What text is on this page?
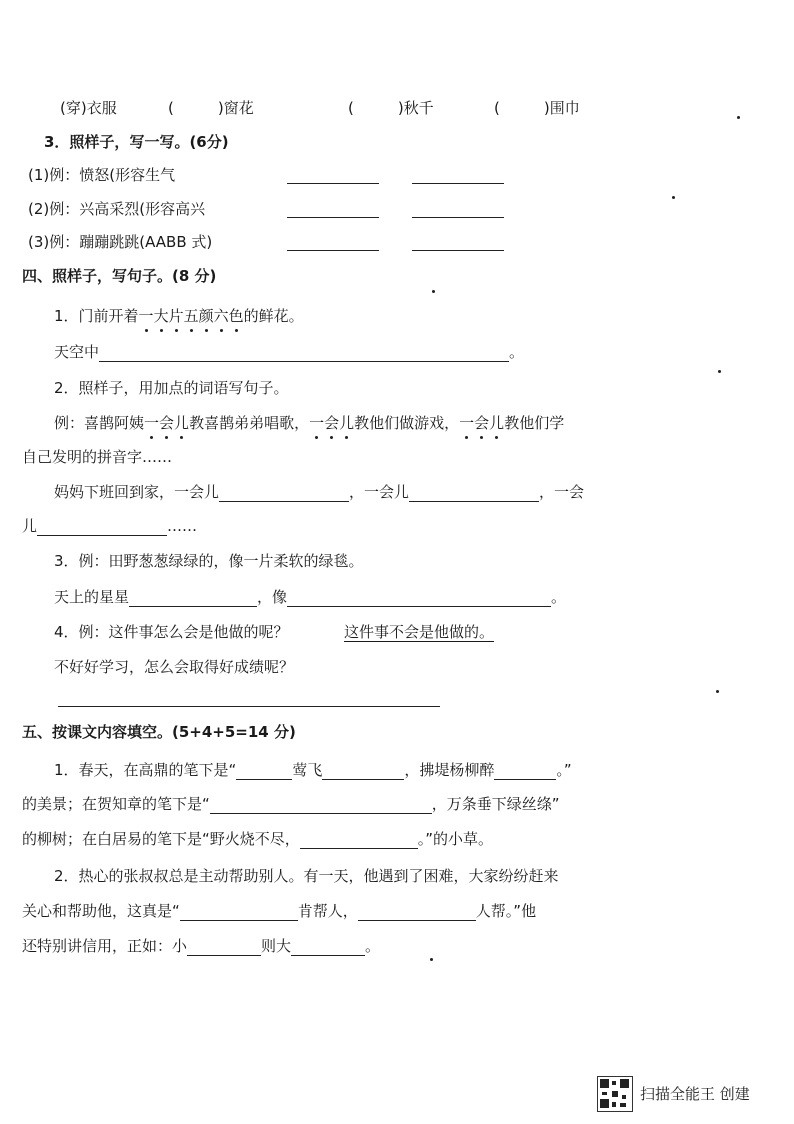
(穿)衣服	(	)窗花	(	)秋千	(	)围巾
3．照样子，写一写。(6分)
(1)例：愤怒(形容生气
(2)例：兴高采烈(形容高兴
(3)例：蹦蹦跳跳(AABB 式)
四、照样子，写句子。(8 分)
1．门前开着一大片五颜六色的鲜花。
天空中	。
2．照样子，用加点的词语写句子。
例：喜鹊阿姨一会儿教喜鹊弟弟唱歌，一会儿教他们做游戏，一会儿教他们学
自己发明的拼音字……
妈妈下班回到家，一会儿	，一会儿	，一会
儿	……
3．例：田野葱葱绿绿的，像一片柔软的绿毯。
天上的星星	，像	。
4．例：这件事怎么会是他做的呢？	这件事不会是他做的。
不好好学习，怎么会取得好成绩呢？
五、按课文内容填空。(5+4+5=14 分)
1．春天，在高鼎的笔下是“	莺飞	，拂堤杨柳醉	。”
的美景；在贺知章的笔下是“	，万条垂下绿丝绦”
的柳树；在白居易的笔下是“野火烧不尽，	。”的小草。
2．热心的张叔叔总是主动帮助别人。有一天，他遇到了困难，大家纷纷赶来
关心和帮助他，这真是“	肯帮人，	人帮。”他
还特别讲信用，正如：小	则大	。
扫描全能王 创建
